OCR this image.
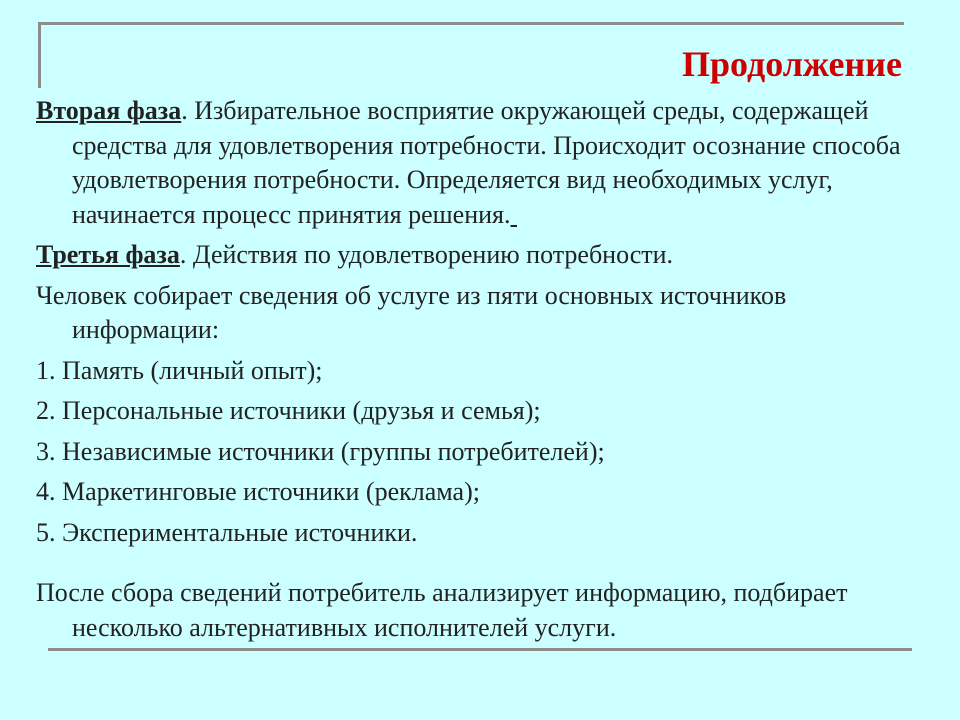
Продолжение

Вторая фаза. Избирательное восприятие окружающей среды, содержащей средства для удовлетворения потребности. Происходит осознание способа удовлетворения потребности. Определяется вид необходимых услуг, начинается процесс принятия решения.

Третья фаза. Действия по удовлетворению потребности.

Человек собирает сведения об услуге из пяти основных источников информации:

1. Память (личный опыт);

2. Персональные источники (друзья и семья);

3. Независимые источники (группы потребителей);

4. Маркетинговые источники (реклама);

5. Экспериментальные источники.

После сбора сведений потребитель анализирует информацию, подбирает несколько альтернативных исполнителей услуги.
